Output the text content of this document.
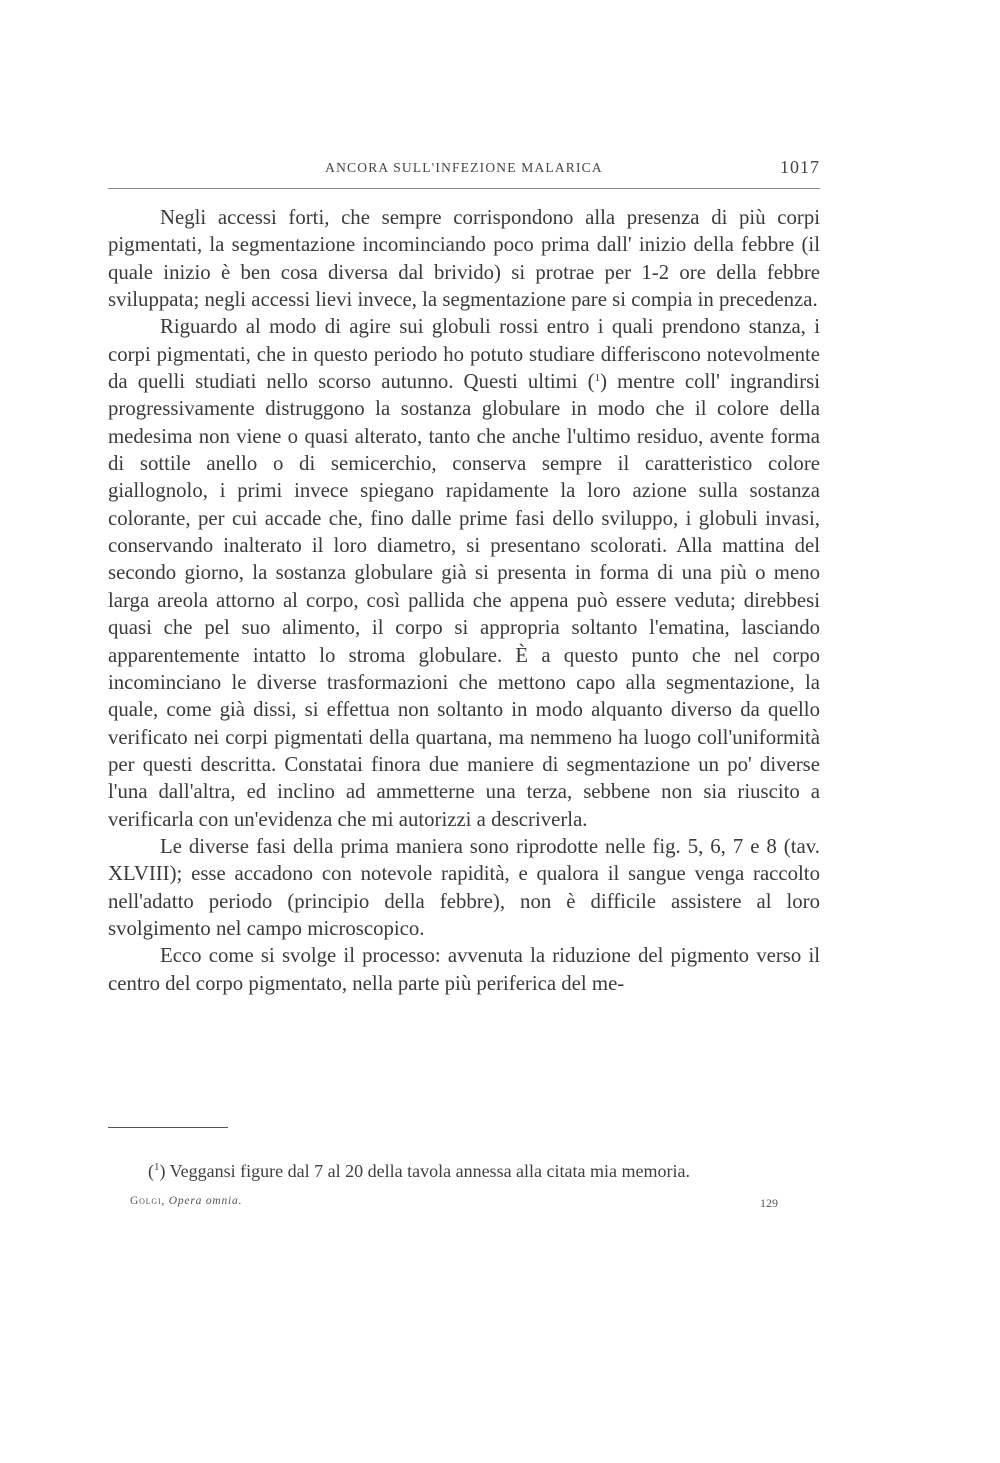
ANCORA SULL'INFEZIONE MALARICA	1017

Negli accessi forti, che sempre corrispondono alla presenza di più corpi pigmentati, la segmentazione incominciando poco prima dall' inizio della febbre (il quale inizio è ben cosa diversa dal brivido) si protrae per 1-2 ore della febbre sviluppata; negli accessi lievi invece, la segmentazione pare si compia in precedenza.

Riguardo al modo di agire sui globuli rossi entro i quali prendono stanza, i corpi pigmentati, che in questo periodo ho potuto studiare differiscono notevolmente da quelli studiati nello scorso autunno. Questi ultimi ($^1$) mentre coll' ingrandirsi progressivamente distruggono la sostanza globulare in modo che il colore della medesima non viene o quasi alterato, tanto che anche l'ultimo residuo, avente forma di sottile anello o di semicerchio, conserva sempre il caratteristico colore giallognolo, i primi invece spiegano rapidamente la loro azione sulla sostanza colorante, per cui accade che, fino dalle prime fasi dello sviluppo, i globuli invasi, conservando inalterato il loro diametro, si presentano scolorati. Alla mattina del secondo giorno, la sostanza globulare già si presenta in forma di una più o meno larga areola attorno al corpo, così pallida che appena può essere veduta; direbbesi quasi che pel suo alimento, il corpo si appropria soltanto l'ematina, lasciando apparentemente intatto lo stroma globulare. È a questo punto che nel corpo incominciano le diverse trasformazioni che mettono capo alla segmentazione, la quale, come già dissi, si effettua non soltanto in modo alquanto diverso da quello verificato nei corpi pigmentati della quartana, ma nemmeno ha luogo coll'uniformità per questi descritta. Constatai finora due maniere di segmentazione un po' diverse l'una dall'altra, ed inclino ad ammetterne una terza, sebbene non sia riuscito a verificarla con un'evidenza che mi autorizzi a descriverla.

Le diverse fasi della prima maniera sono riprodotte nelle fig. 5, 6, 7 e 8 (tav. XLVIII); esse accadono con notevole rapidità, e qualora il sangue venga raccolto nell'adatto periodo (principio della febbre), non è difficile assistere al loro svolgimento nel campo microscopico.

Ecco come si svolge il processo: avvenuta la riduzione del pigmento verso il centro del corpo pigmentato, nella parte più periferica del me-

($^1$) Veggansi figure dal 7 al 20 della tavola annessa alla citata mia memoria.
Golgi, Opera omnia.	129
